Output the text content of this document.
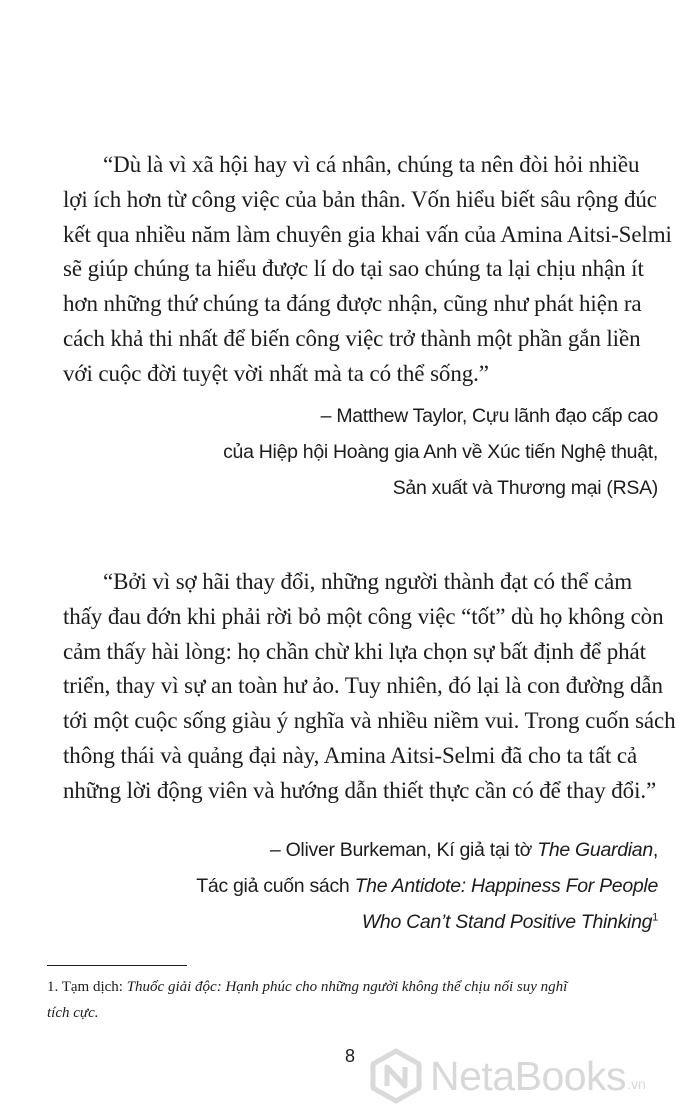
“Dù là vì xã hội hay vì cá nhân, chúng ta nên đòi hỏi nhiều
lợi ích hơn từ công việc của bản thân. Vốn hiểu biết sâu rộng đúc
kết qua nhiều năm làm chuyên gia khai vấn của Amina Aitsi-Selmi
sẽ giúp chúng ta hiểu được lí do tại sao chúng ta lại chịu nhận ít
hơn những thứ chúng ta đáng được nhận, cũng như phát hiện ra
cách khả thi nhất để biến công việc trở thành một phần gắn liền
với cuộc đời tuyệt vời nhất mà ta có thể sống.”
– Matthew Taylor, Cựu lãnh đạo cấp cao
của Hiệp hội Hoàng gia Anh về Xúc tiến Nghệ thuật,
Sản xuất và Thương mại (RSA)
“Bởi vì sợ hãi thay đổi, những người thành đạt có thể cảm
thấy đau đớn khi phải rời bỏ một công việc “tốt” dù họ không còn
cảm thấy hài lòng: họ chần chừ khi lựa chọn sự bất định để phát
triển, thay vì sự an toàn hư ảo. Tuy nhiên, đó lại là con đường dẫn
tới một cuộc sống giàu ý nghĩa và nhiều niềm vui. Trong cuốn sách
thông thái và quảng đại này, Amina Aitsi-Selmi đã cho ta tất cả
những lời động viên và hướng dẫn thiết thực cần có để thay đổi.”
– Oliver Burkeman, Kí giả tại tờ The Guardian,
Tác giả cuốn sách The Antidote: Happiness For People
Who Can’t Stand Positive Thinking$^1$

1. Tạm dịch: Thuốc giải độc: Hạnh phúc cho những người không thể chịu nổi suy nghĩ
tích cực.

8 NetaBooks .vn
